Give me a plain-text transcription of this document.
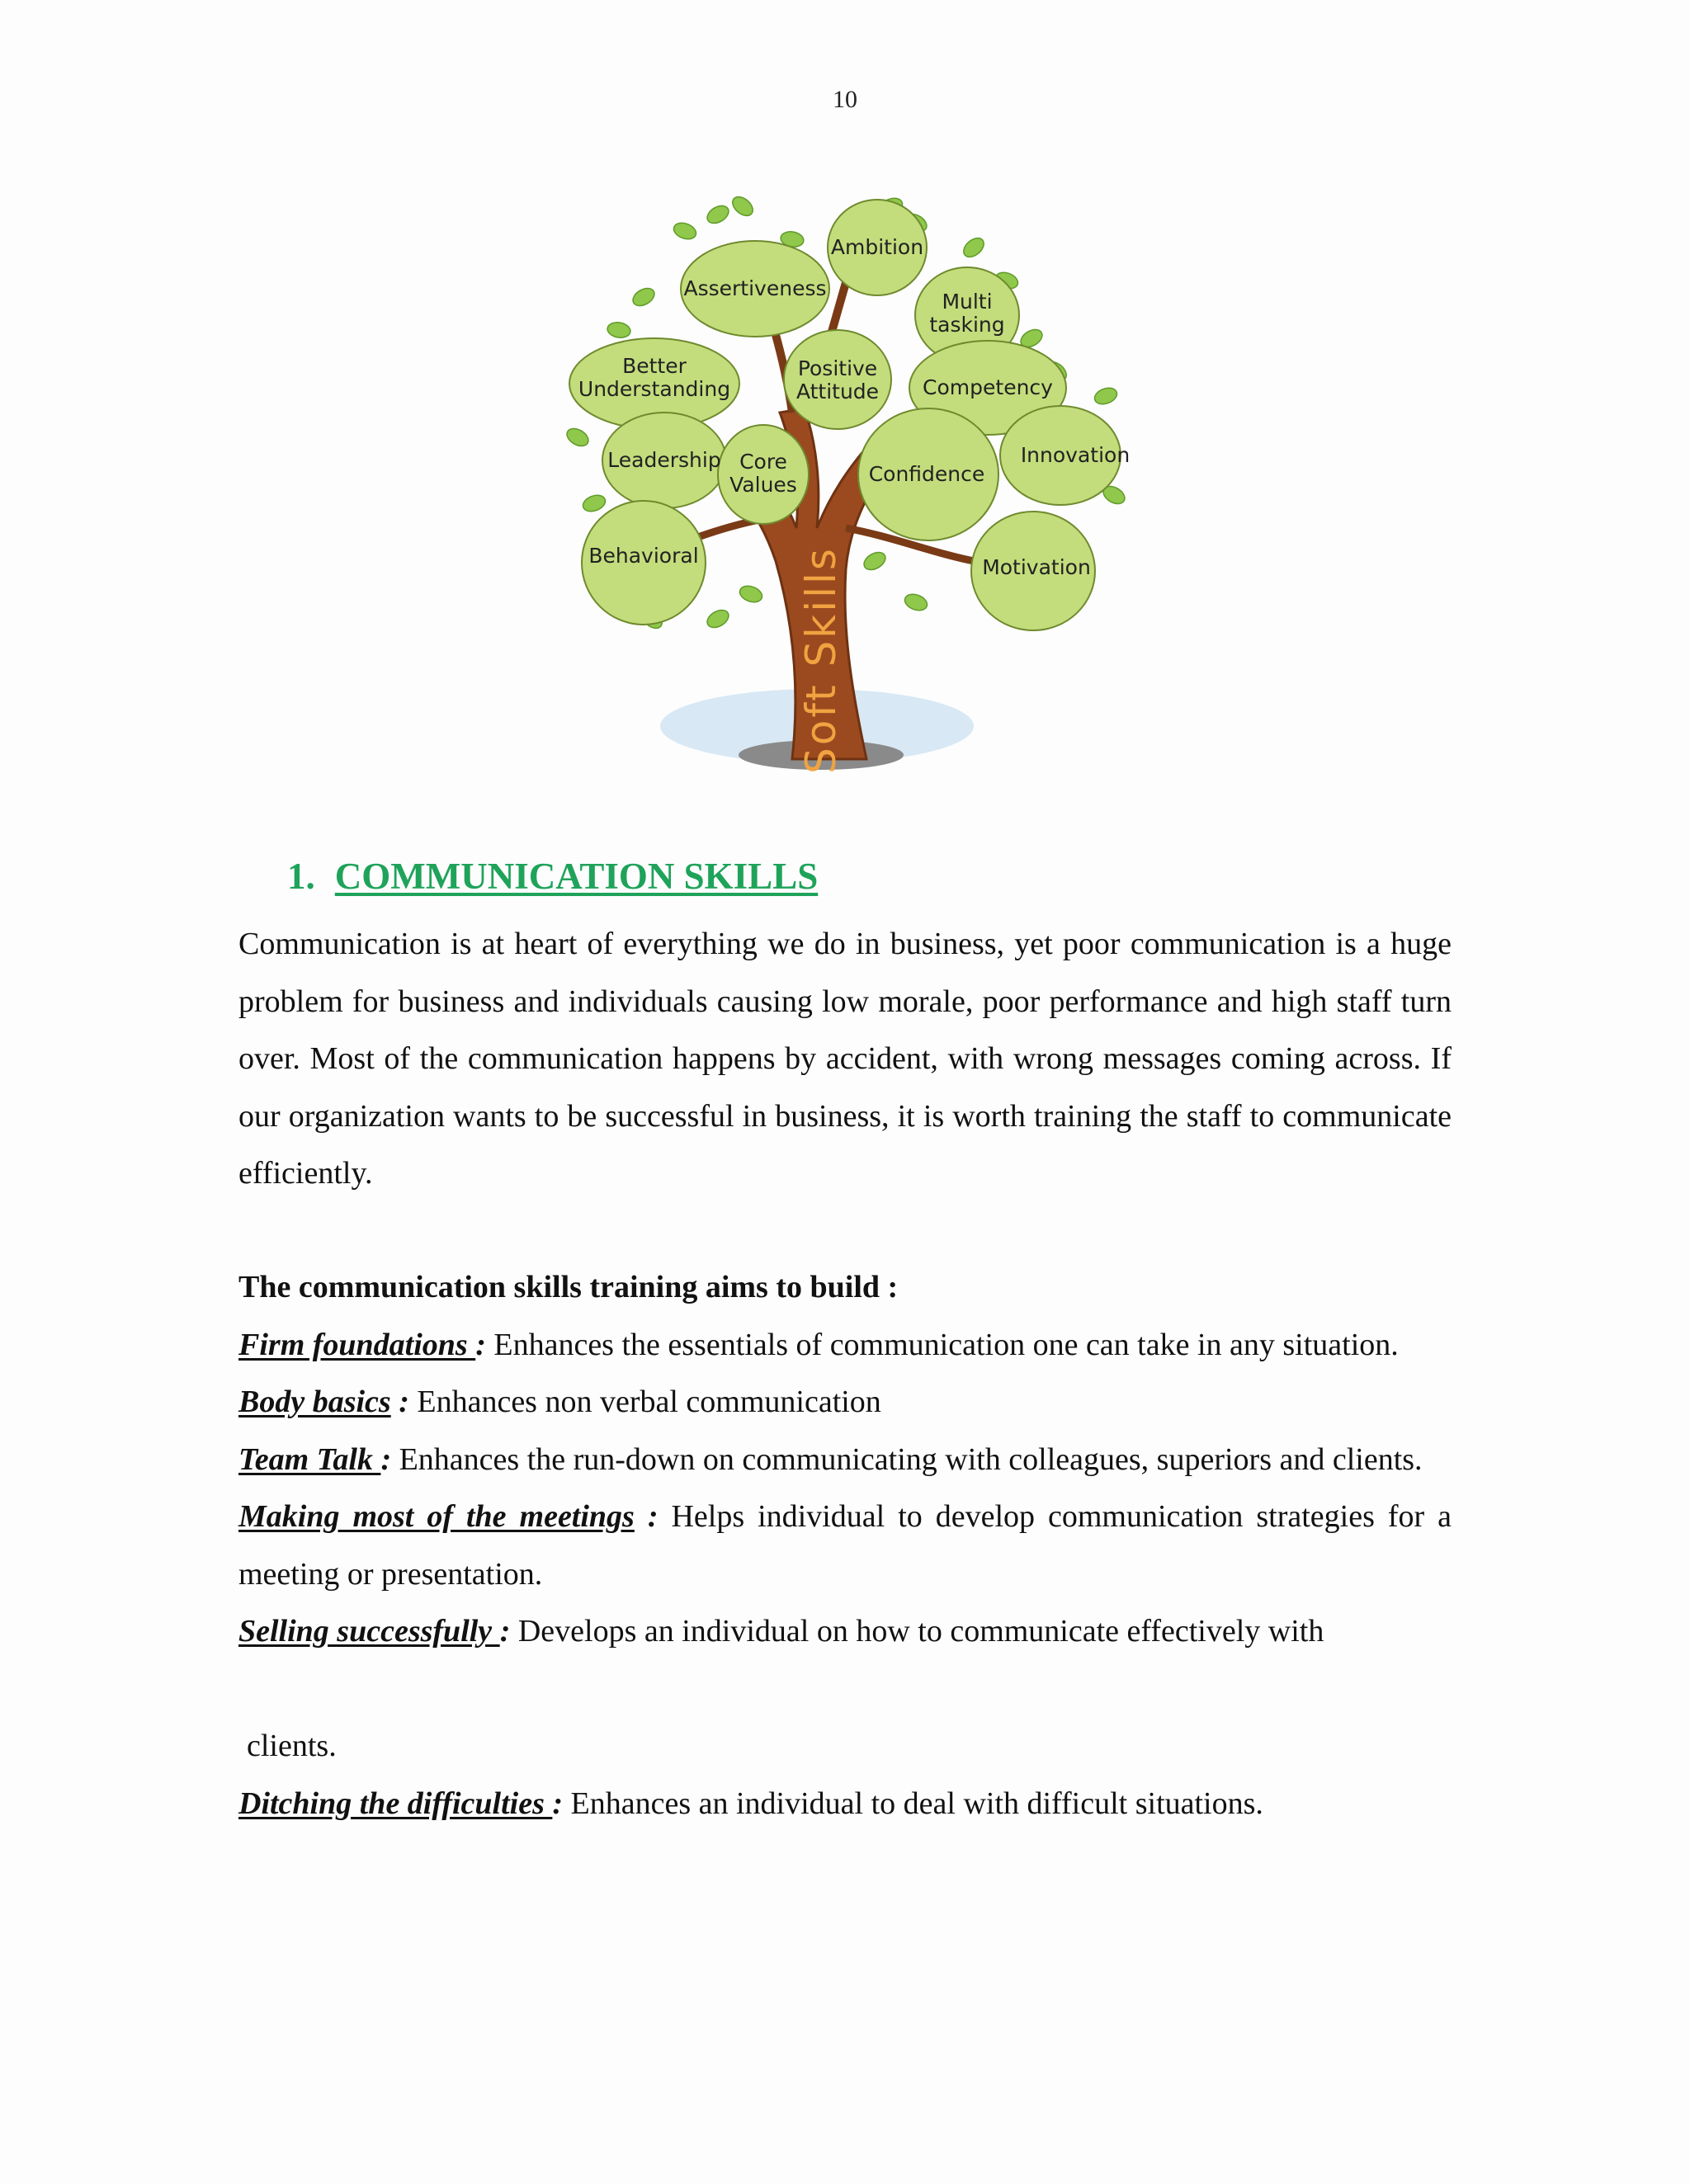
10
Assertiveness
Ambition
Multi
tasking
Better
Understanding
Positive
Attitude Competency
Leadership Core
Values	Confidence
Innovation
Behavioral	Motivation
Soft Skills
1. COMMUNICATION SKILLS

Communication is at heart of everything we do in business, yet poor communication is a huge problem for business and individuals causing low morale, poor performance and high staff turn over. Most of the communication happens by accident, with wrong messages coming across. If our organization wants to be successful in business, it is worth training the staff to communicate efficiently.

The communication skills training aims to build :

Firm foundations : Enhances the essentials of communication one can take in any situation.

Body basics : Enhances non verbal communication

Team Talk : Enhances the run-down on communicating with colleagues, superiors and clients.

Making most of the meetings : Helps individual to develop communication strategies for a meeting or presentation.

Selling successfully : Develops an individual on how to communicate effectively with

clients.

Ditching the difficulties : Enhances an individual to deal with difficult situations.
